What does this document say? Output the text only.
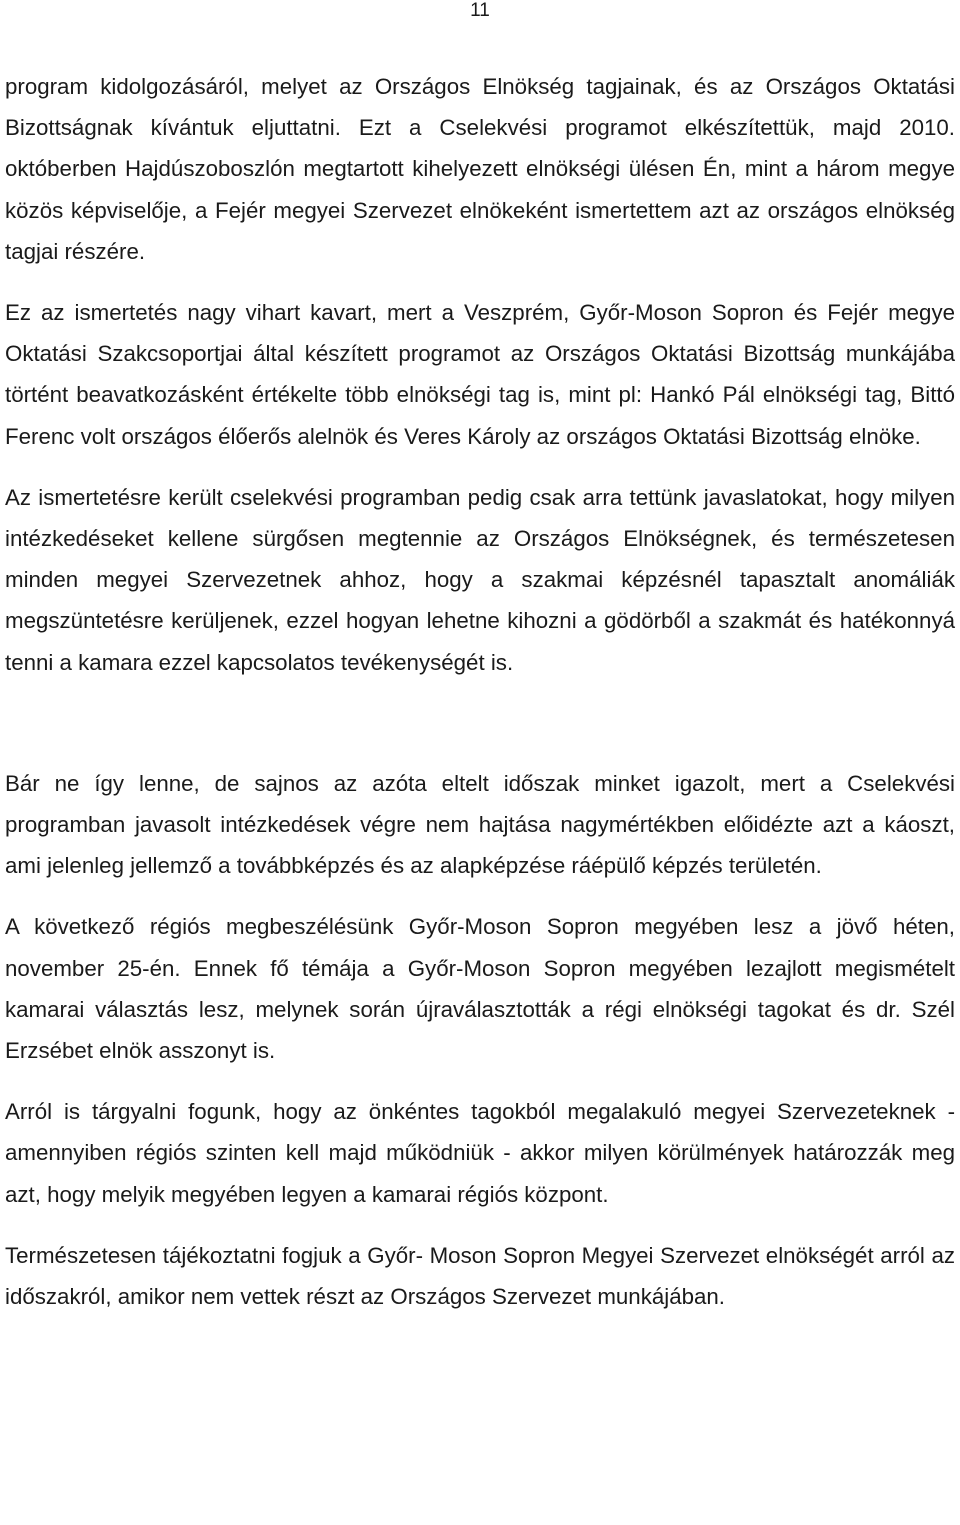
11

program kidolgozásáról, melyet az Országos Elnökség tagjainak, és az Országos Oktatási Bizottságnak kívántuk eljuttatni. Ezt a Cselekvési programot elkészítettük, majd 2010. októberben Hajdúszoboszlón megtartott kihelyezett elnökségi ülésen Én, mint a három megye közös képviselője, a Fejér megyei Szervezet elnökeként ismertettem azt az országos elnökség tagjai részére.

Ez az ismertetés nagy vihart kavart, mert a Veszprém, Győr-Moson Sopron és Fejér megye Oktatási Szakcsoportjai által készített programot az Országos Oktatási Bizottság munkájába történt beavatkozásként értékelte több elnökségi tag is, mint pl: Hankó Pál elnökségi tag, Bittó Ferenc volt országos élőerős alelnök és Veres Károly az országos Oktatási Bizottság elnöke.

Az ismertetésre került cselekvési programban pedig csak arra tettünk javaslatokat, hogy milyen intézkedéseket kellene sürgősen megtennie az Országos Elnökségnek, és természetesen minden megyei Szervezetnek ahhoz, hogy a szakmai képzésnél tapasztalt anomáliák megszüntetésre kerüljenek, ezzel hogyan lehetne kihozni a gödörből a szakmát és hatékonnyá tenni a kamara ezzel kapcsolatos tevékenységét is.

Bár ne így lenne, de sajnos az azóta eltelt időszak minket igazolt, mert a Cselekvési programban javasolt intézkedések végre nem hajtása nagymértékben előidézte azt a káoszt, ami jelenleg jellemző a továbbképzés és az alapképzése ráépülő képzés területén.

A következő régiós megbeszélésünk Győr-Moson Sopron megyében lesz a jövő héten, november 25-én. Ennek fő témája a Győr-Moson Sopron megyében lezajlott megismételt kamarai választás lesz, melynek során újraválasztották a régi elnökségi tagokat és dr. Szél Erzsébet elnök asszonyt is.

Arról is tárgyalni fogunk, hogy az önkéntes tagokból megalakuló megyei Szervezeteknek - amennyiben régiós szinten kell majd működniük - akkor milyen körülmények határozzák meg azt, hogy melyik megyében legyen a kamarai régiós központ.

Természetesen tájékoztatni fogjuk a Győr- Moson Sopron Megyei Szervezet elnökségét arról az időszakról, amikor nem vettek részt az Országos Szervezet munkájában.
